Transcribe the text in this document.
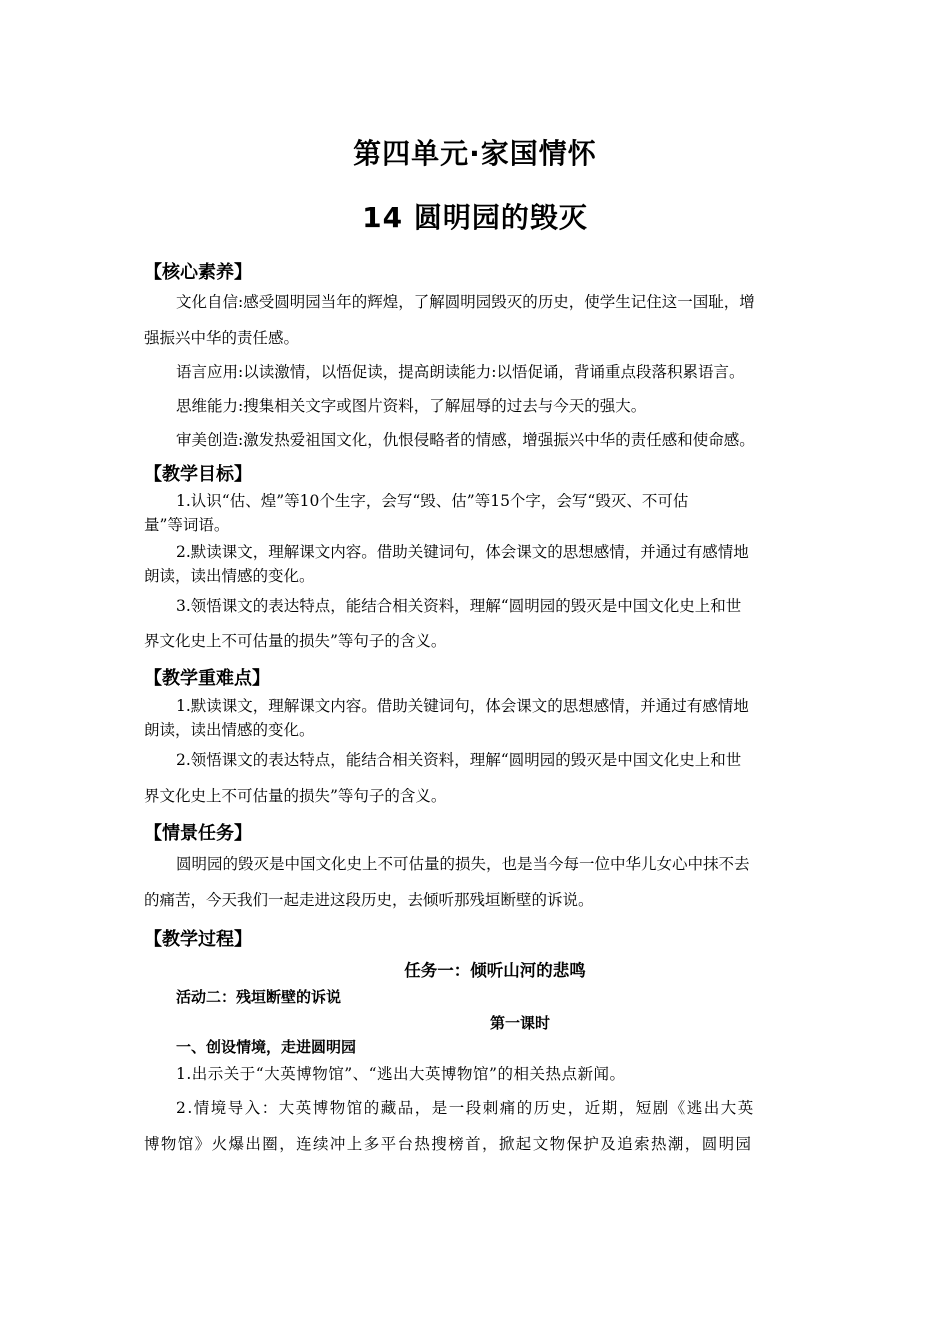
第四单元·家国情怀
14 圆明园的毁灭
【核心素养】
文化自信:感受圆明园当年的辉煌，了解圆明园毁灭的历史，使学生记住这一国耻，增
强振兴中华的责任感。
语言应用:以读激情，以悟促读，提高朗读能力:以悟促诵，背诵重点段落积累语言。
思维能力:搜集相关文字或图片资料，了解屈辱的过去与今天的强大。
审美创造:激发热爱祖国文化，仇恨侵略者的情感，增强振兴中华的责任感和使命感。
【教学目标】
1.认识“估、煌”等10个生字，会写“毁、估”等15个字，会写“毁灭、不可估
量”等词语。
2.默读课文，理解课文内容。借助关键词句，体会课文的思想感情，并通过有感情地
朗读，读出情感的变化。
3.领悟课文的表达特点，能结合相关资料，理解“圆明园的毁灭是中国文化史上和世
界文化史上不可估量的损失”等句子的含义。
【教学重难点】
1.默读课文，理解课文内容。借助关键词句，体会课文的思想感情，并通过有感情地
朗读，读出情感的变化。
2.领悟课文的表达特点，能结合相关资料，理解“圆明园的毁灭是中国文化史上和世
界文化史上不可估量的损失”等句子的含义。
【情景任务】
圆明园的毁灭是中国文化史上不可估量的损失，也是当今每一位中华儿女心中抹不去
的痛苦，今天我们一起走进这段历史，去倾听那残垣断壁的诉说。
【教学过程】
任务一：倾听山河的悲鸣
活动二：残垣断壁的诉说
第一课时
一、创设情境，走进圆明园
1.出示关于“大英博物馆”、“逃出大英博物馆”的相关热点新闻。
2.情境导入：大英博物馆的藏品，是一段刺痛的历史，近期，短剧《逃出大英
博物馆》火爆出圈，连续冲上多平台热搜榜首，掀起文物保护及追索热潮，圆明园
